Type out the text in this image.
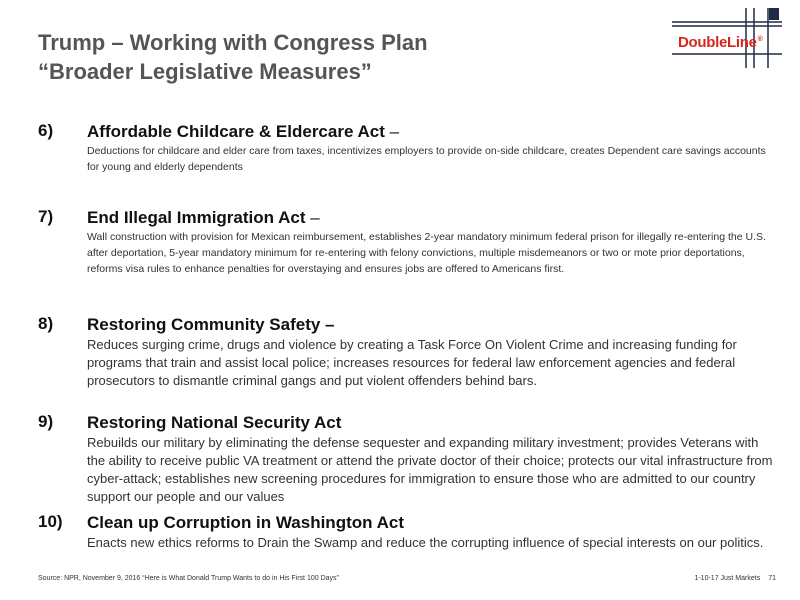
Trump – Working with Congress Plan
“Broader Legislative Measures”
DoubleLine®
6) Affordable Childcare & Eldercare Act –
Deductions for childcare and elder care from taxes, incentivizes employers to provide on-side childcare, creates Dependent care savings accounts for young and elderly dependents
7) End Illegal Immigration Act –
Wall construction with provision for Mexican reimbursement, establishes 2-year mandatory minimum federal prison for illegally re-entering the U.S. after deportation, 5-year mandatory minimum for re-entering with felony convictions, multiple misdemeanors or two or mote prior deportations, reforms visa rules to enhance penalties for overstaying and ensures jobs are offered to Americans first.
8) Restoring Community Safety –
Reduces surging crime, drugs and violence by creating a Task Force On Violent Crime and increasing funding for programs that train and assist local police; increases resources for federal law enforcement agencies and federal prosecutors to dismantle criminal gangs and put violent offenders behind bars.
9) Restoring National Security Act
Rebuilds our military by eliminating the defense sequester and expanding military investment; provides Veterans with the ability to receive public VA treatment or attend the private doctor of their choice; protects our vital infrastructure from cyber-attack; establishes new screening procedures for immigration to ensure those who are admitted to our country support our people and our values
10) Clean up Corruption in Washington Act
Enacts new ethics reforms to Drain the Swamp and reduce the corrupting influence of special interests on our politics.
Source: NPR, November 9, 2016 “Here is What Donald Trump Wants to do in His First 100 Days”	1-10-17 Just Markets 71
